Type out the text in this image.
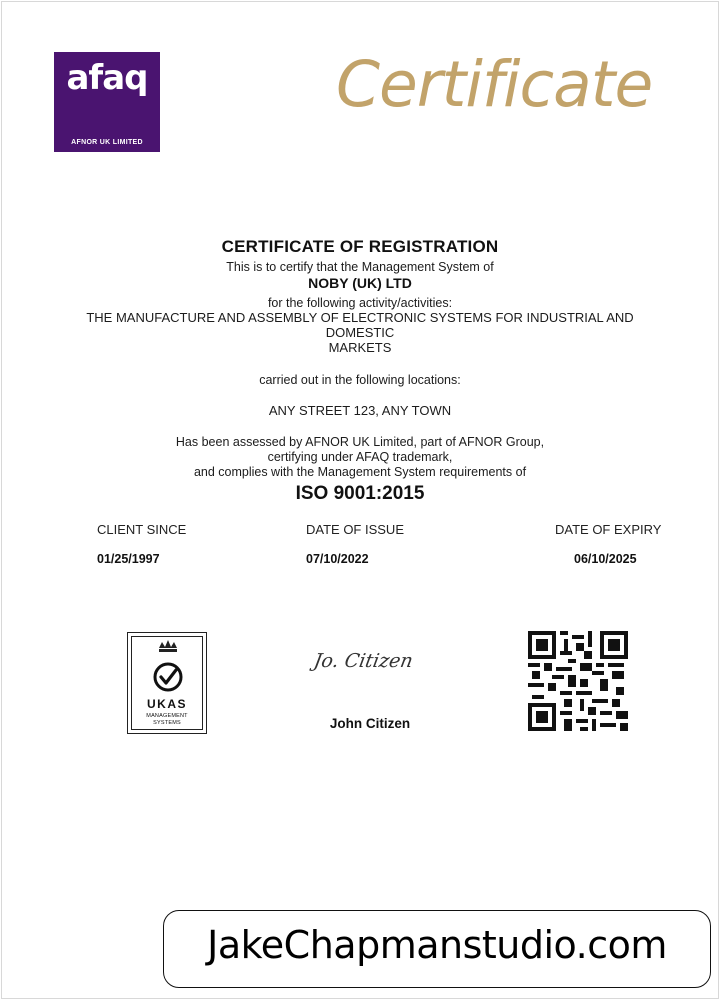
afaq
AFNOR UK LIMITED
Certificate
CERTIFICATE OF REGISTRATION
This is to certify that the Management System of
NOBY (UK) LTD
for the following activity/activities:
THE MANUFACTURE AND ASSEMBLY OF ELECTRONIC SYSTEMS FOR INDUSTRIAL AND
DOMESTIC
MARKETS
carried out in the following locations:
ANY STREET 123, ANY TOWN
Has been assessed by AFNOR UK Limited, part of AFNOR Group,
certifying under AFAQ trademark,
and complies with the Management System requirements of
ISO 9001:2015
CLIENT SINCE
01/25/1997
DATE OF ISSUE
07/10/2022
DATE OF EXPIRY
06/10/2025
UKAS
MANAGEMENT
SYSTEMS
Jo. Citizen
John Citizen
JakeChapmanstudio.com
